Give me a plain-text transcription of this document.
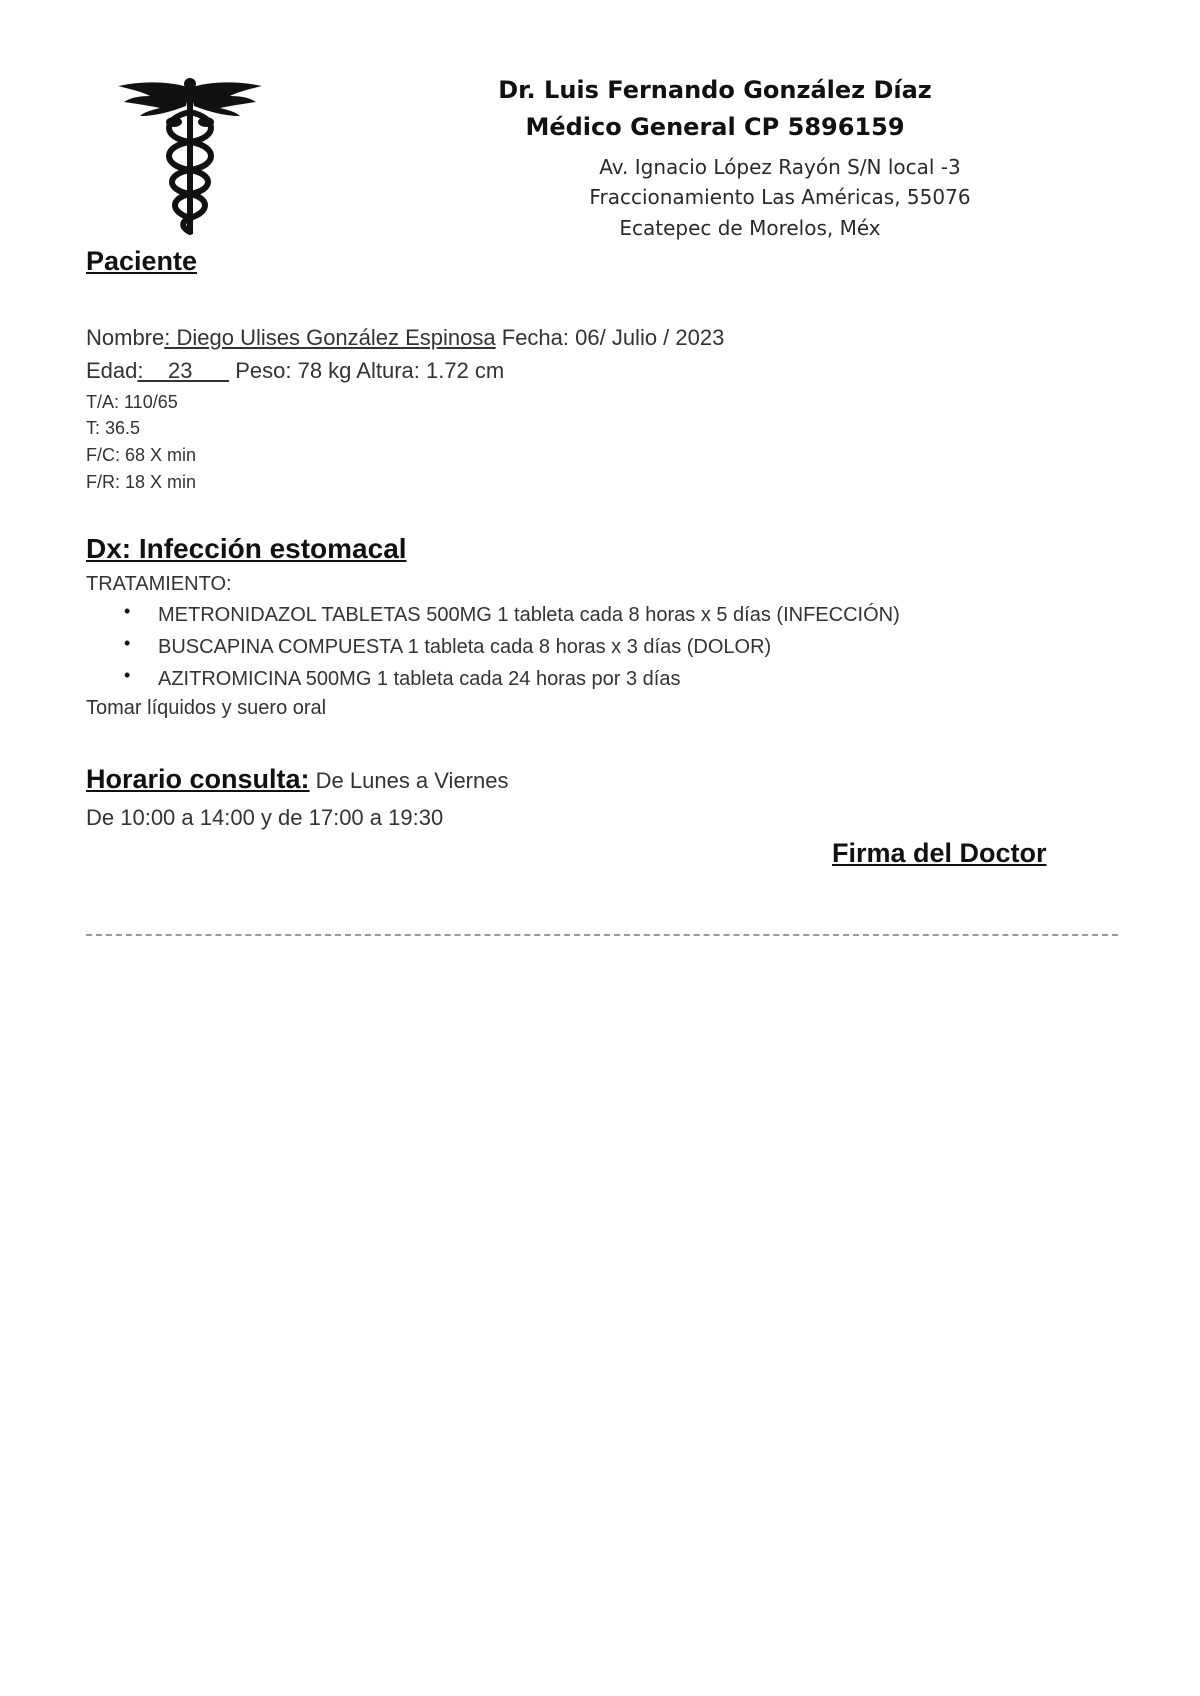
Dr. Luis Fernando González Díaz
Médico General CP 5896159
Av. Ignacio López Rayón S/N local -3
Fraccionamiento Las Américas, 55076
Ecatepec de Morelos, Méx
Paciente
Nombre: Diego Ulises González Espinosa Fecha: 06/ Julio / 2023
Edad:    23       Peso: 78 kg Altura: 1.72 cm
T/A: 110/65
T: 36.5
F/C: 68 X min
F/R: 18 X min
Dx: Infección estomacal
TRATAMIENTO:
• METRONIDAZOL TABLETAS 500MG 1 tableta cada 8 horas x 5 días (INFECCIÓN)
• BUSCAPINA COMPUESTA 1 tableta cada 8 horas x 3 días (DOLOR)
• AZITROMICINA 500MG 1 tableta cada 24 horas por 3 días
Tomar líquidos y suero oral
Horario consulta: De Lunes a Viernes
De 10:00 a 14:00 y de 17:00 a 19:30
Firma del Doctor
